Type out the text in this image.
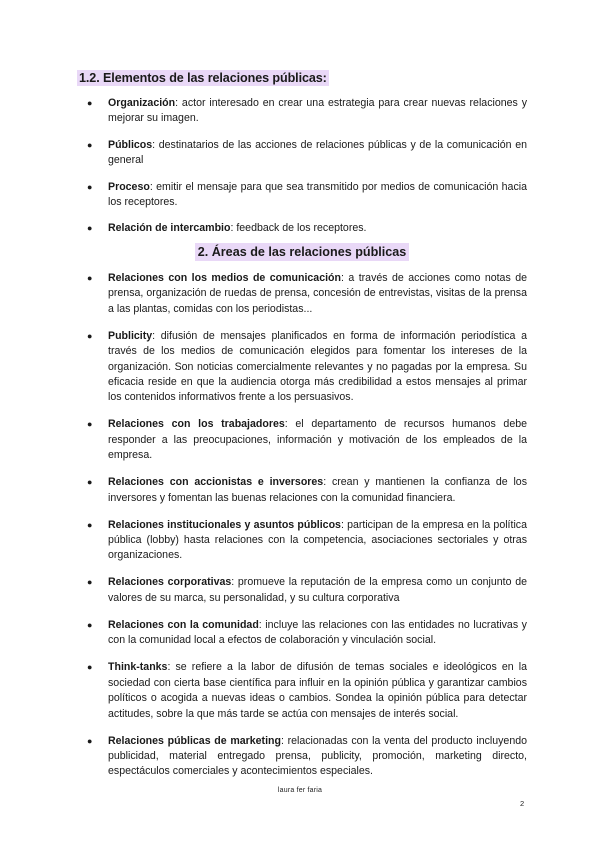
1.2. Elementos de las relaciones públicas:
● Organización: actor interesado en crear una estrategia para crear nuevas relaciones y mejorar su imagen.
● Públicos: destinatarios de las acciones de relaciones públicas y de la comunicación en general
● Proceso: emitir el mensaje para que sea transmitido por medios de comunicación hacia los receptores.
● Relación de intercambio: feedback de los receptores.
2. Áreas de las relaciones públicas
● Relaciones con los medios de comunicación: a través de acciones como notas de prensa, organización de ruedas de prensa, concesión de entrevistas, visitas de la prensa a las plantas, comidas con los periodistas...
● Publicity: difusión de mensajes planificados en forma de información periodística a través de los medios de comunicación elegidos para fomentar los intereses de la organización. Son noticias comercialmente relevantes y no pagadas por la empresa. Su eficacia reside en que la audiencia otorga más credibilidad a estos mensajes al primar los contenidos informativos frente a los persuasivos.
● Relaciones con los trabajadores: el departamento de recursos humanos debe responder a las preocupaciones, información y motivación de los empleados de la empresa.
● Relaciones con accionistas e inversores: crean y mantienen la confianza de los inversores y fomentan las buenas relaciones con la comunidad financiera.
● Relaciones institucionales y asuntos públicos: participan de la empresa en la política pública (lobby) hasta relaciones con la competencia, asociaciones sectoriales y otras organizaciones.
● Relaciones corporativas: promueve la reputación de la empresa como un conjunto de valores de su marca, su personalidad, y su cultura corporativa
● Relaciones con la comunidad: incluye las relaciones con las entidades no lucrativas y con la comunidad local a efectos de colaboración y vinculación social.
● Think-tanks: se refiere a la labor de difusión de temas sociales e ideológicos en la sociedad con cierta base científica para influir en la opinión pública y garantizar cambios políticos o acogida a nuevas ideas o cambios. Sondea la opinión pública para detectar actitudes, sobre la que más tarde se actúa con mensajes de interés social.
● Relaciones públicas de marketing: relacionadas con la venta del producto incluyendo publicidad, material entregado prensa, publicity, promoción, marketing directo, espectáculos comerciales y acontecimientos especiales.
laura fer faria
2
